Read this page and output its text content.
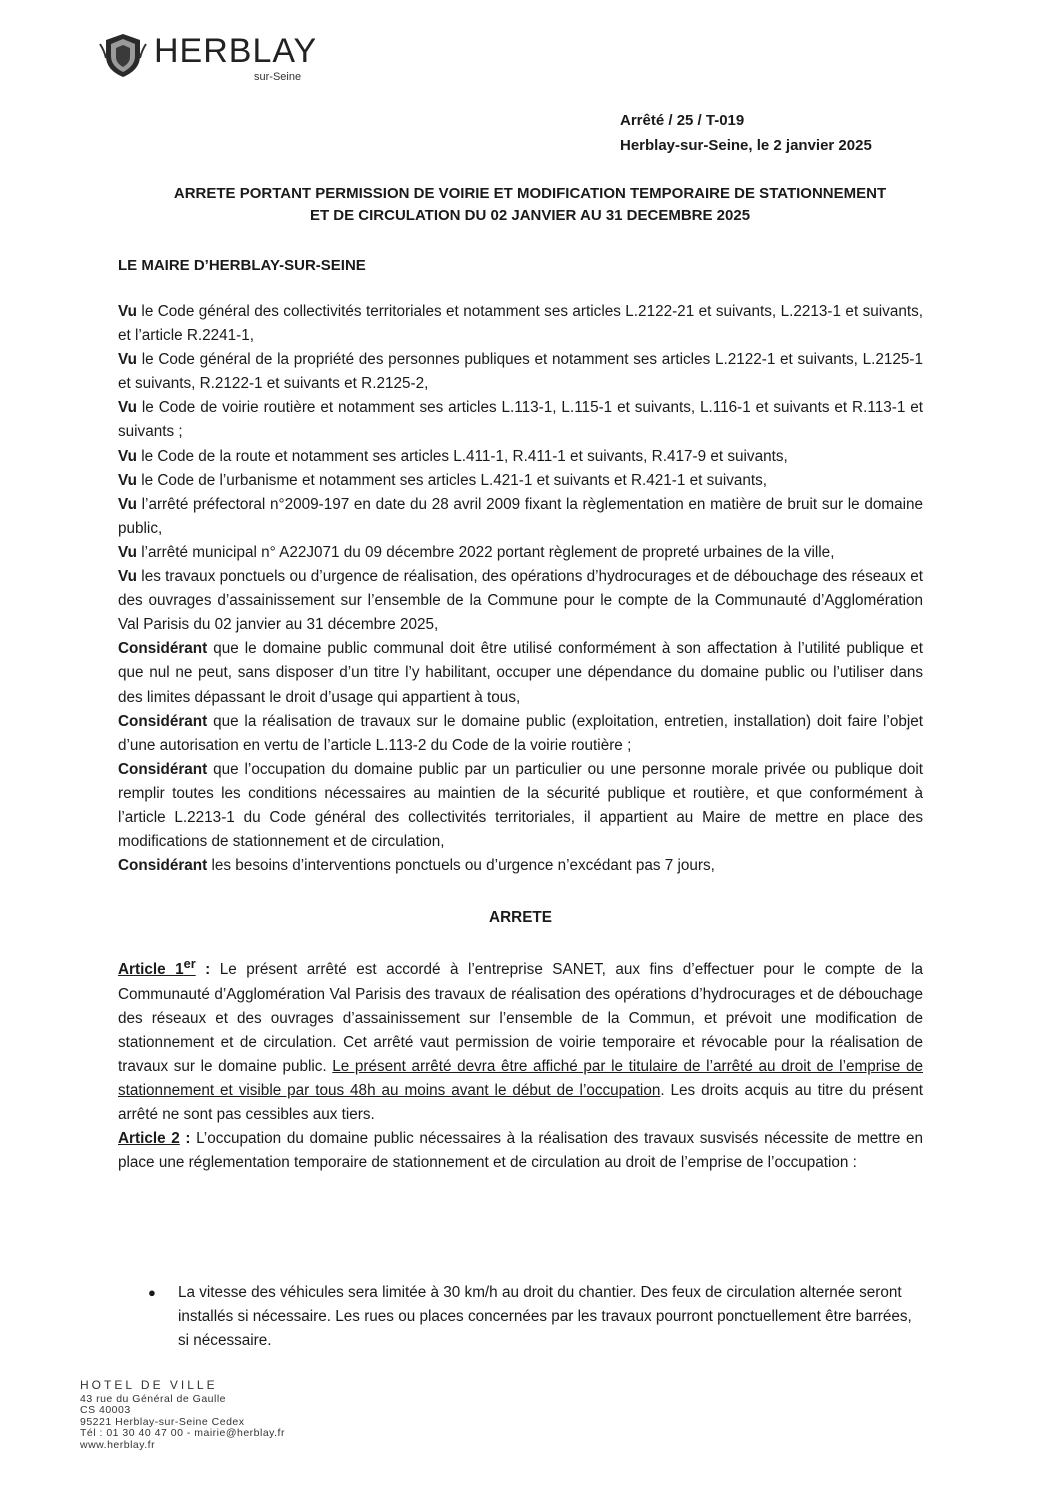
HERBLAY
sur-Seine
Arrêté / 25 / T-019
Herblay-sur-Seine, le 2 janvier 2025
ARRETE PORTANT PERMISSION DE VOIRIE ET MODIFICATION TEMPORAIRE DE STATIONNEMENT
ET DE CIRCULATION DU 02 JANVIER AU 31 DECEMBRE 2025
LE MAIRE D’HERBLAY-SUR-SEINE

Vu le Code général des collectivités territoriales et notamment ses articles L.2122-21 et suivants, L.2213-1 et suivants, et l’article R.2241-1,

Vu le Code général de la propriété des personnes publiques et notamment ses articles L.2122-1 et suivants, L.2125-1 et suivants, R.2122-1 et suivants et R.2125-2,

Vu le Code de voirie routière et notamment ses articles L.113-1, L.115-1 et suivants, L.116-1 et suivants et R.113-1 et suivants ;

Vu le Code de la route et notamment ses articles L.411-1, R.411-1 et suivants, R.417-9 et suivants,

Vu le Code de l’urbanisme et notamment ses articles L.421-1 et suivants et R.421-1 et suivants,

Vu l’arrêté préfectoral n°2009-197 en date du 28 avril 2009 fixant la règlementation en matière de bruit sur le domaine public,

Vu l’arrêté municipal n° A22J071 du 09 décembre 2022 portant règlement de propreté urbaines de la ville,

Vu les travaux ponctuels ou d’urgence de réalisation, des opérations d’hydrocurages et de débouchage des réseaux et des ouvrages d’assainissement sur l’ensemble de la Commune pour le compte de la Communauté d’Agglomération Val Parisis du 02 janvier au 31 décembre 2025,

Considérant que le domaine public communal doit être utilisé conformément à son affectation à l’utilité publique et que nul ne peut, sans disposer d’un titre l’y habilitant, occuper une dépendance du domaine public ou l’utiliser dans des limites dépassant le droit d’usage qui appartient à tous,

Considérant que la réalisation de travaux sur le domaine public (exploitation, entretien, installation) doit faire l’objet d’une autorisation en vertu de l’article L.113-2 du Code de la voirie routière ;

Considérant que l’occupation du domaine public par un particulier ou une personne morale privée ou publique doit remplir toutes les conditions nécessaires au maintien de la sécurité publique et routière, et que conformément à l’article L.2213-1 du Code général des collectivités territoriales, il appartient au Maire de mettre en place des modifications de stationnement et de circulation,

Considérant les besoins d’interventions ponctuels ou d’urgence n’excédant pas 7 jours,

ARRETE

Article 1er : Le présent arrêté est accordé à l’entreprise SANET, aux fins d’effectuer pour le compte de la Communauté d’Agglomération Val Parisis des travaux de réalisation des opérations d’hydrocurages et de débouchage des réseaux et des ouvrages d’assainissement sur l’ensemble de la Commun, et prévoit une modification de stationnement et de circulation. Cet arrêté vaut permission de voirie temporaire et révocable pour la réalisation de travaux sur le domaine public. Le présent arrêté devra être affiché par le titulaire de l’arrêté au droit de l’emprise de stationnement et visible par tous 48h au moins avant le début de l’occupation. Les droits acquis au titre du présent arrêté ne sont pas cessibles aux tiers.

Article 2 : L’occupation du domaine public nécessaires à la réalisation des travaux susvisés nécessite de mettre en place une réglementation temporaire de stationnement et de circulation au droit de l’emprise de l’occupation :

● La vitesse des véhicules sera limitée à 30 km/h au droit du chantier. Des feux de circulation alternée seront installés si nécessaire. Les rues ou places concernées par les travaux pourront ponctuellement être barrées, si nécessaire.
HOTEL DE VILLE
43 rue du Général de Gaulle
CS 40003
95221 Herblay-sur-Seine Cedex
Tél : 01 30 40 47 00 - mairie@herblay.fr
www.herblay.fr
